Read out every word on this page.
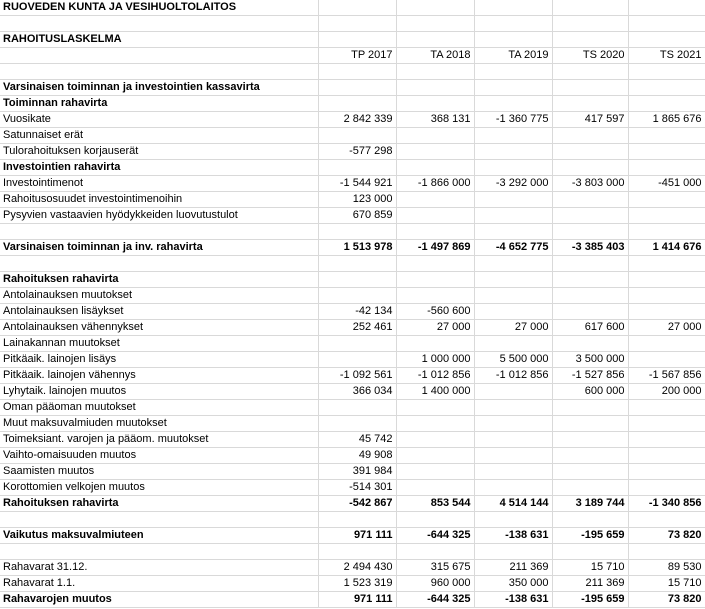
RUOVEDEN KUNTA JA VESIHUOLTOLAITOS					

RAHOITUSLASKELMA					
	TP 2017	TA 2018	TA 2019	TS 2020	TS 2021

Varsinaisen toiminnan ja investointien kassavirta					
Toiminnan rahavirta					
Vuosikate	2 842 339	368 131	-1 360 775	417 597	1 865 676
Satunnaiset erät					
Tulorahoituksen korjauserät	-577 298				
Investointien rahavirta					
Investointimenot	-1 544 921	-1 866 000	-3 292 000	-3 803 000	-451 000
Rahoitusosuudet investointimenoihin	123 000				
Pysyvien vastaavien hyödykkeiden luovutustulot	670 859				

Varsinaisen toiminnan ja inv. rahavirta	1 513 978	-1 497 869	-4 652 775	-3 385 403	1 414 676

Rahoituksen rahavirta					
Antolainauksen muutokset					
Antolainauksen lisäykset	-42 134	-560 600			
Antolainauksen vähennykset	252 461	27 000	27 000	617 600	27 000
Lainakannan muutokset					
Pitkäaik. lainojen lisäys		1 000 000	5 500 000	3 500 000	
Pitkäaik. lainojen vähennys	-1 092 561	-1 012 856	-1 012 856	-1 527 856	-1 567 856
Lyhytaik. lainojen muutos	366 034	1 400 000		600 000	200 000
Oman pääoman muutokset					
Muut maksuvalmiuden muutokset					
Toimeksiant. varojen ja pääom. muutokset	45 742				
Vaihto-omaisuuden muutos	49 908				
Saamisten muutos	391 984				
Korottomien velkojen muutos	-514 301				
Rahoituksen rahavirta	-542 867	853 544	4 514 144	3 189 744	-1 340 856

Vaikutus maksuvalmiuteen	971 111	-644 325	-138 631	-195 659	73 820

Rahavarat 31.12.	2 494 430	315 675	211 369	15 710	89 530
Rahavarat 1.1.	1 523 319	960 000	350 000	211 369	15 710
Rahavarojen muutos	971 111	-644 325	-138 631	-195 659	73 820
